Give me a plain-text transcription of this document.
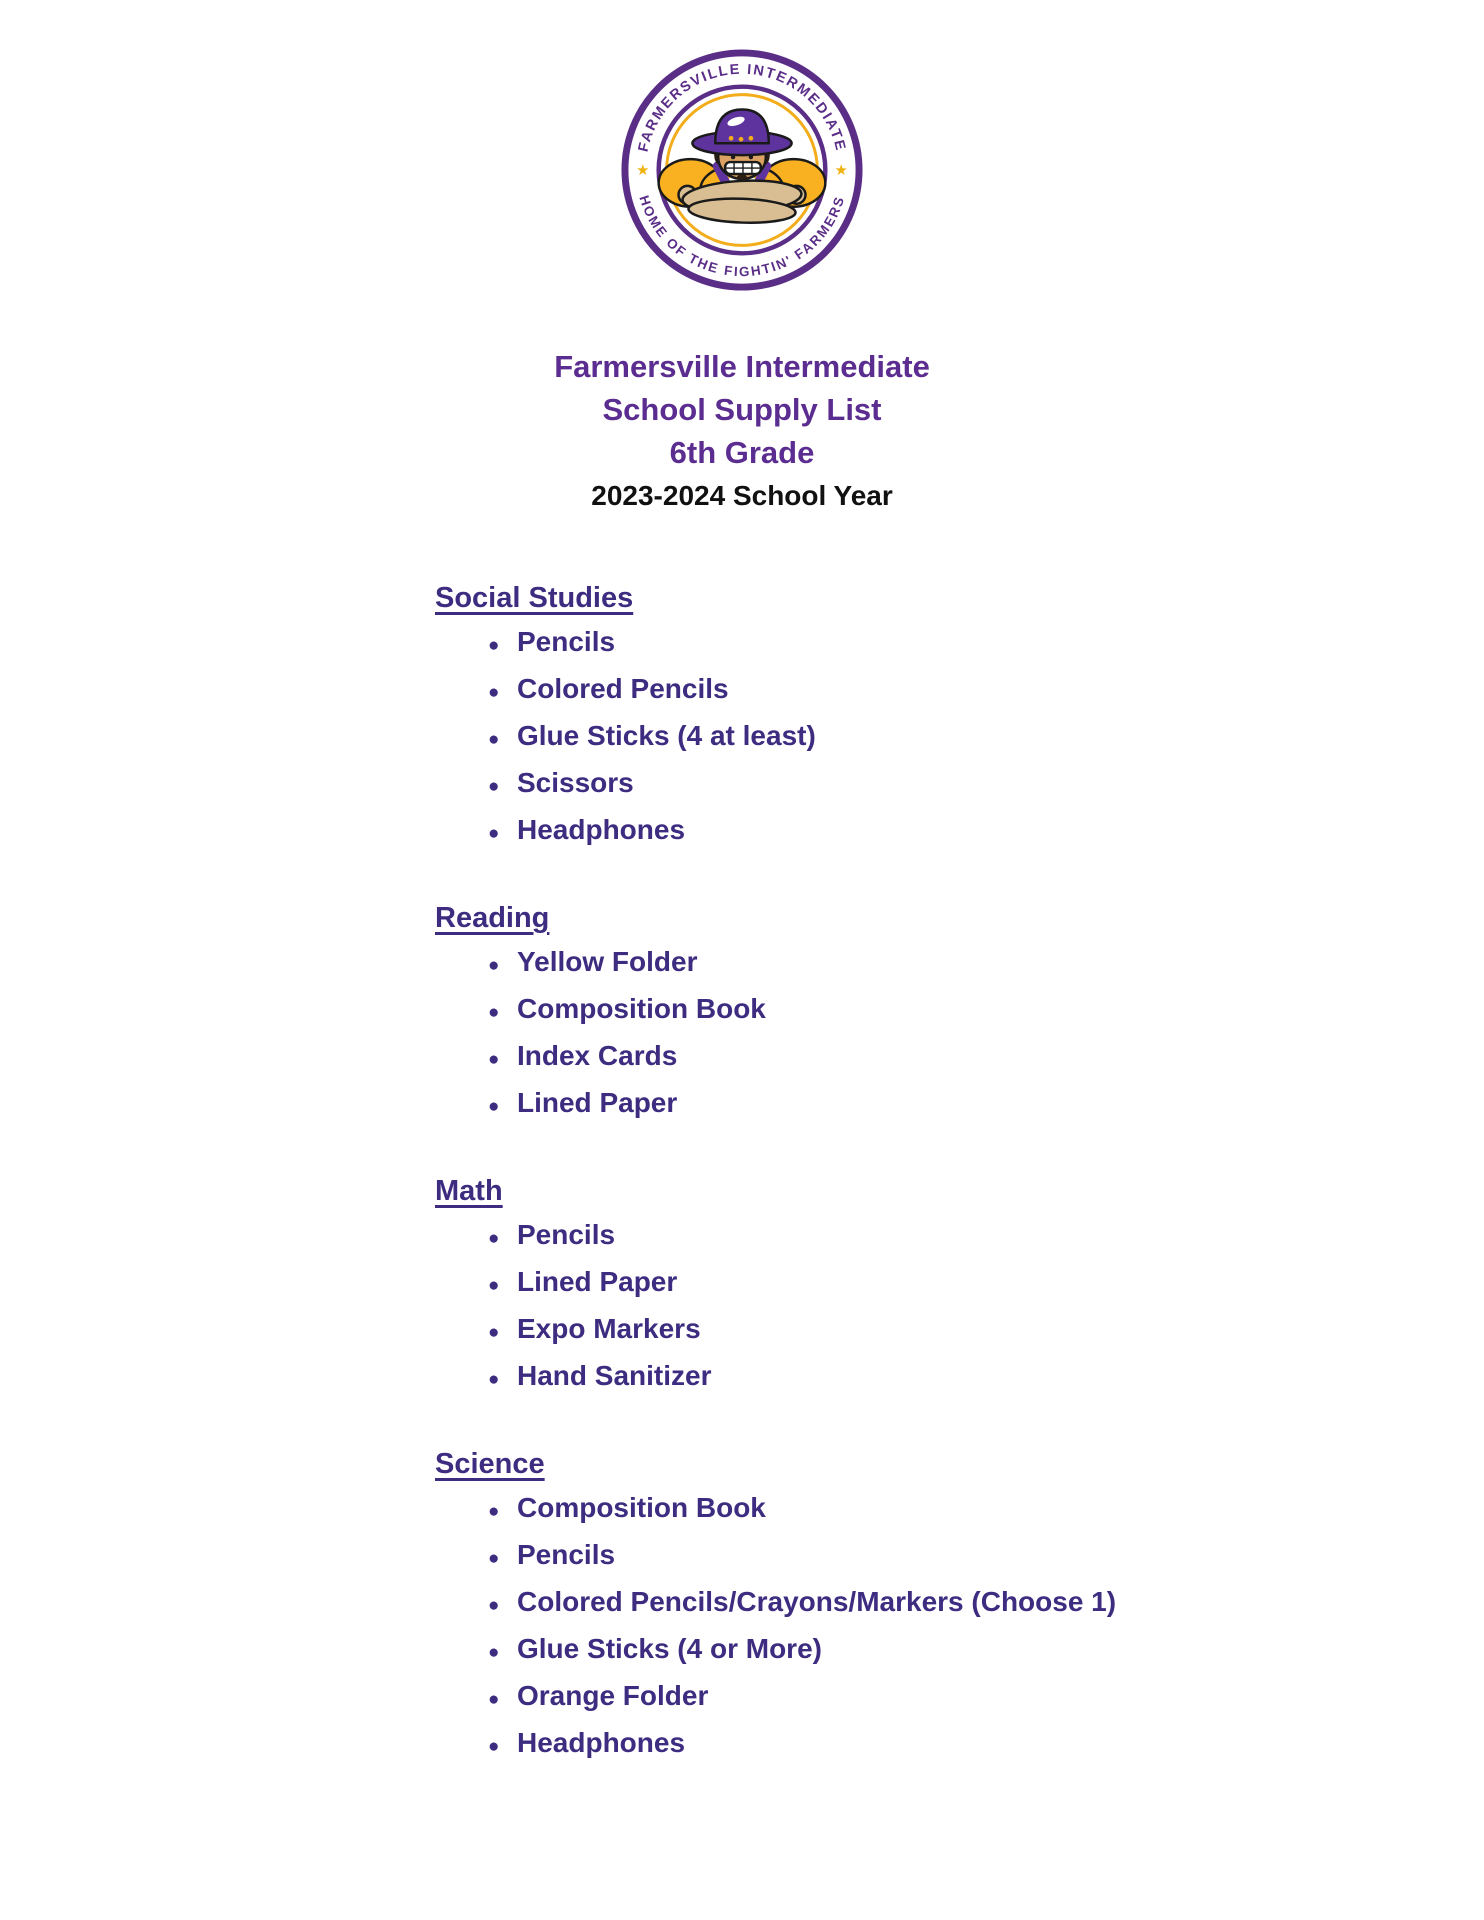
FARMERSVILLE INTERMEDIATE
HOME OF THE FIGHTIN' FARMERS
★	★
Farmersville Intermediate
School Supply List
6th Grade
2023-2024 School Year
Social Studies
● Pencils
● Colored Pencils
● Glue Sticks (4 at least)
● Scissors
● Headphones
Reading
● Yellow Folder
● Composition Book
● Index Cards
● Lined Paper
Math
● Pencils
● Lined Paper
● Expo Markers
● Hand Sanitizer
Science
● Composition Book
● Pencils
● Colored Pencils/Crayons/Markers (Choose 1)
● Glue Sticks (4 or More)
● Orange Folder
● Headphones
